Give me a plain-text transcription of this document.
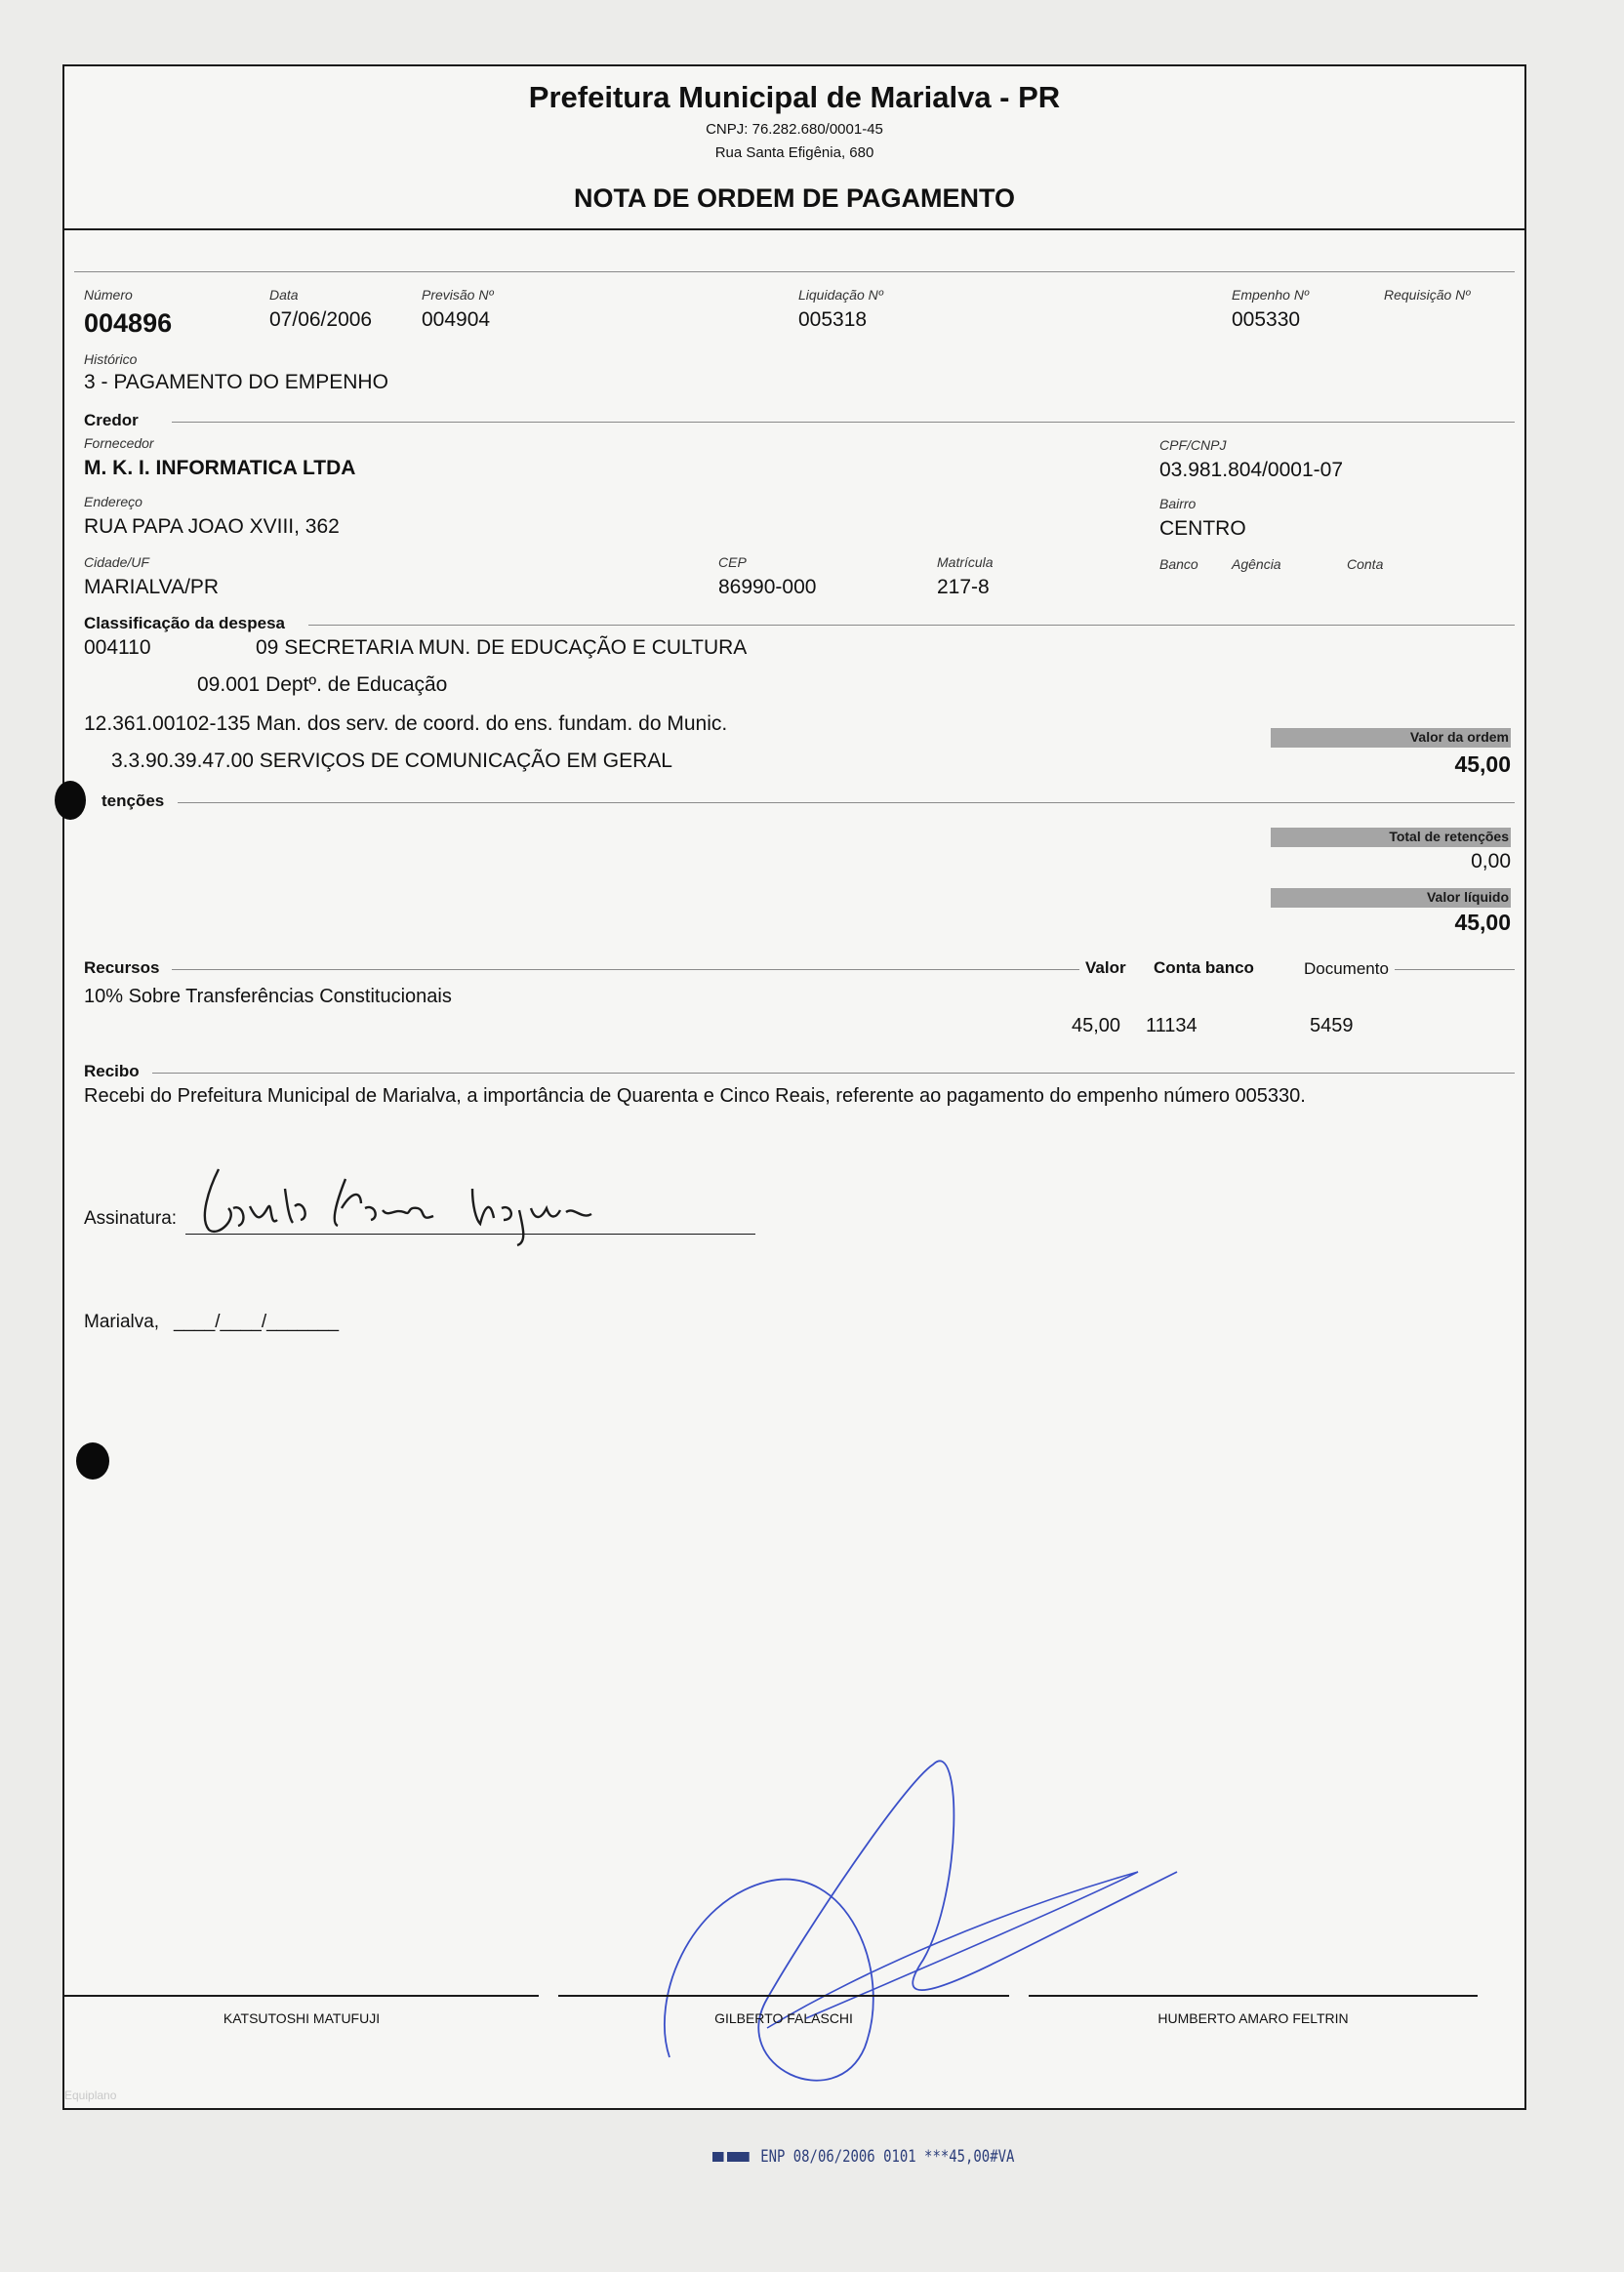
Prefeitura Municipal de Marialva - PR
CNPJ: 76.282.680/0001-45
Rua Santa Efigênia, 680
NOTA DE ORDEM DE PAGAMENTO
Número
004896
Data
07/06/2006
Previsão Nº
004904
Liquidação Nº
005318
Empenho Nº
005330
Requisição Nº
Histórico
3 - PAGAMENTO DO EMPENHO
Credor
Fornecedor
M. K. I. INFORMATICA LTDA
CPF/CNPJ
03.981.804/0001-07
Endereço
RUA PAPA JOAO XVIII, 362
Bairro
CENTRO
Cidade/UF
MARIALVA/PR
CEP
86990-000
Matrícula
217-8
Banco Agência	Conta
Classificação da despesa
004110	09 SECRETARIA MUN. DE EDUCAÇÃO E CULTURA
09.001 Deptº. de Educação
12.361.00102-135 Man. dos serv. de coord. do ens. fundam. do Munic.
3.3.90.39.47.00 SERVIÇOS DE COMUNICAÇÃO EM GERAL
Valor da ordem
45,00
tenções
Total de retenções
0,00
Valor líquido
45,00
Recursos	Valor	Conta banco	Documento
10% Sobre Transferências Constitucionais
45,00 11134	5459
Recibo
Recebi do Prefeitura Municipal de Marialva, a importância de Quarenta e Cinco Reais, referente ao pagamento do empenho número 005330.
Assinatura:
Marialva, ____/____/_______
KATSUTOSHI MATUFUJI	GILBERTO FALASCHI	HUMBERTO AMARO FELTRIN
Equiplano
ENP 08/06/2006 0101 ***45,00#VA
